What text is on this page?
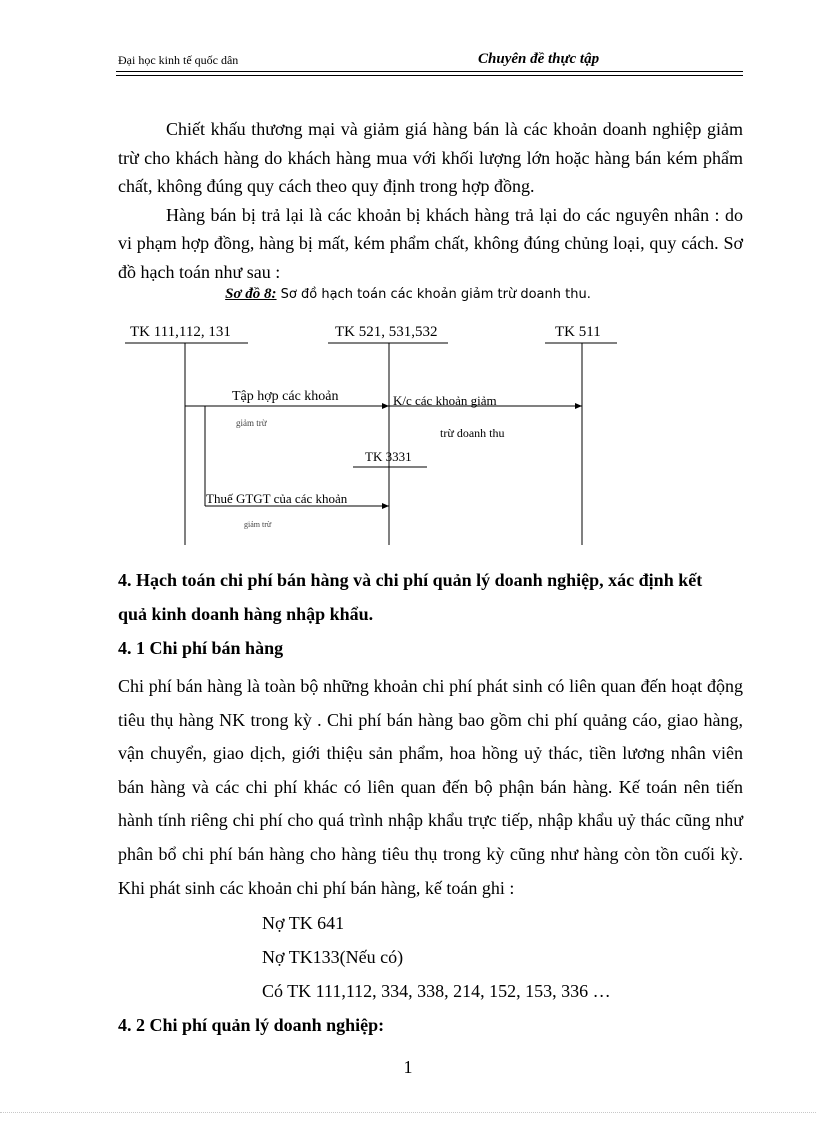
Đại học kinh tế quốc dân	Chuyên đề thực tập

Chiết khấu thương mại và giảm giá hàng bán là các khoản doanh nghiệp giảm trừ cho khách hàng do khách hàng mua với khối lượng lớn hoặc hàng bán kém phẩm chất, không đúng quy cách theo quy định trong hợp đồng.

Hàng bán bị trả lại là các khoản bị khách hàng trả lại do các nguyên nhân : do vi phạm hợp đồng, hàng bị mất, kém phẩm chất, không đúng chủng loại, quy cách. Sơ đồ hạch toán như sau :

Sơ đồ 8: Sơ đồ hạch toán các khoản giảm trừ doanh thu.
TK 111,112, 131	TK 521, 531,532	TK 511
Tập hợp các khoản
giảm trừ
K/c các khoản giảm
trừ doanh thu
TK 3331
Thuế GTGT của các khoản
giảm trừ
4. Hạch toán chi phí bán hàng và chi phí quản lý doanh nghiệp, xác định kết
quả kinh doanh hàng nhập khẩu.
4. 1 Chi phí bán hàng

Chi phí bán hàng là toàn bộ những khoản chi phí phát sinh có liên quan đến hoạt động tiêu thụ hàng NK trong kỳ . Chi phí bán hàng bao gồm chi phí quảng cáo, giao hàng, vận chuyển, giao dịch, giới thiệu sản phẩm, hoa hồng uỷ thác, tiền lương nhân viên bán hàng và các chi phí khác có liên quan đến bộ phận bán hàng. Kế toán nên tiến hành tính riêng chi phí cho quá trình nhập khẩu trực tiếp, nhập khẩu uỷ thác cũng như phân bổ chi phí bán hàng cho hàng tiêu thụ trong kỳ cũng như hàng còn tồn cuối kỳ. Khi phát sinh các khoản chi phí bán hàng, kế toán ghi :

Nợ TK 641
Nợ TK133(Nếu có)
Có TK 111,112, 334, 338, 214, 152, 153, 336 …
4. 2 Chi phí quản lý doanh nghiệp:
1
